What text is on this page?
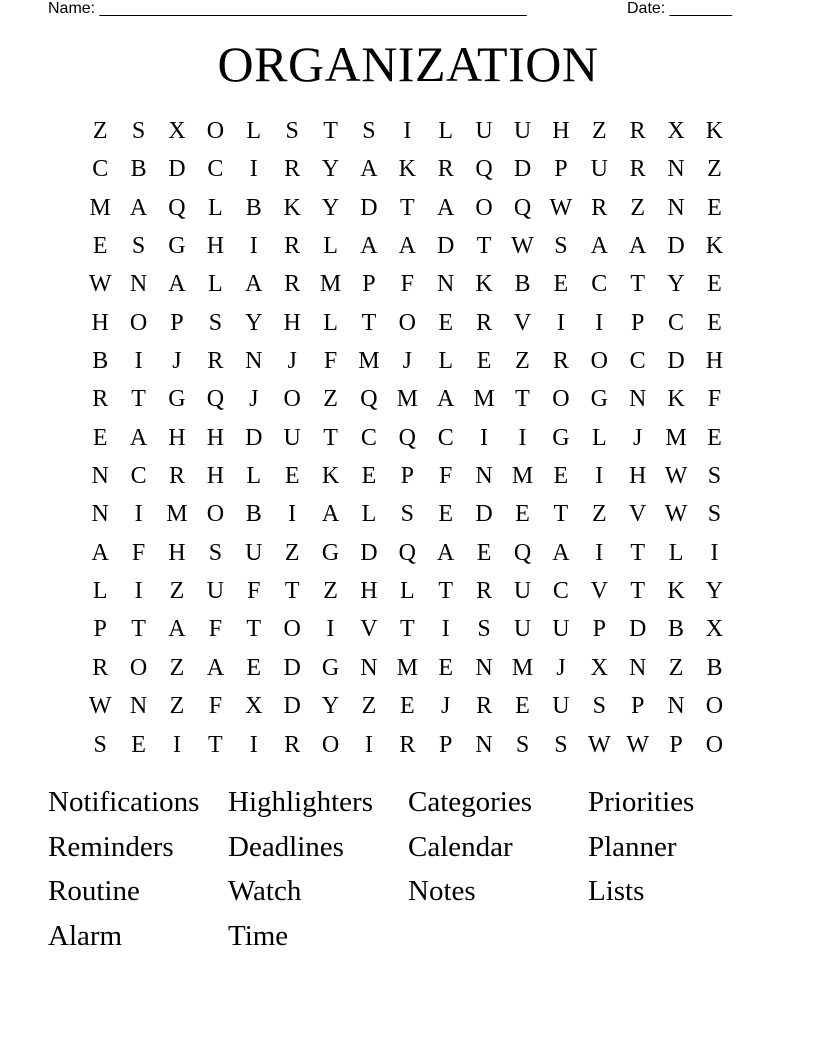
Name: ________________________________________________	Date: _______
ORGANIZATION
Z	S X O L	S	T	S	I	L U U H Z R X K
C B D C	I	R Y A K R Q D P U R N Z
M A Q L B K Y D T A O Q W R Z N E
E	S G H	I	R L A A D T W S A A D K
W N A L A R M P	F N K B E C T Y E
H O P	S Y H L T O E R V	I	I	P C E
B	I	J	R N	J	F M J	L E Z R O C D H
R T G Q	J	O Z Q M A M T O G N K F
E A H H D U T C Q C	I	I	G L	J M E
N C R H L E K E	P	F N M E	I	H W S
N	I M O B	I	A L	S	E D E T Z V W S
A F H S U Z G D Q A E Q A	I	T L	I
L	I	Z U F	T Z H L T R U C V T K Y
P	T A F	T O	I	V T	I	S U U P D B X
R O Z A E D G N M E N M J	X N Z B
W N Z	F X D Y Z E	J	R E U S	P N O
S	E	I	T	I	R O	I	R P N S	S W W P O
Notifications Highlighters	Categories	Priorities
Reminders	Deadlines	Calendar	Planner
Routine	Watch	Notes	Lists
Alarm	Time
